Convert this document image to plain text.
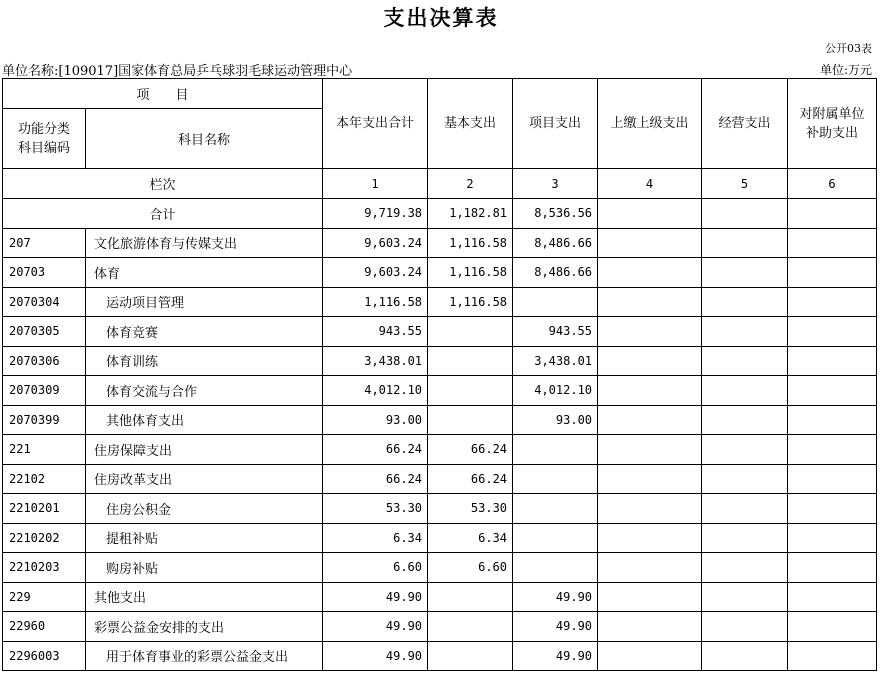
支出决算表
公开03表
单位名称:[109017]国家体育总局乒乓球羽毛球运动管理中心	单位:万元
项　　目		本年支出合计	基本支出	项目支出	上缴上级支出	经营支出	对附属单位补助支出
功能分类科目编码	科目名称						
栏次		1	2	3	4	5	6
合计		9,719.38	1,182.81	8,536.56			
207	文化旅游体育与传媒支出	9,603.24	1,116.58	8,486.66			
20703	体育	9,603.24	1,116.58	8,486.66			
2070304	运动项目管理	1,116.58	1,116.58				
2070305	体育竞赛	943.55		943.55			
2070306	体育训练	3,438.01		3,438.01			
2070309	体育交流与合作	4,012.10		4,012.10			
2070399	其他体育支出	93.00		93.00			
221	住房保障支出	66.24	66.24				
22102	住房改革支出	66.24	66.24				
2210201	住房公积金	53.30	53.30				
2210202	提租补贴	6.34	6.34				
2210203	购房补贴	6.60	6.60				
229	其他支出	49.90		49.90			
22960	彩票公益金安排的支出	49.90		49.90			
2296003	用于体育事业的彩票公益金支出	49.90		49.90			
